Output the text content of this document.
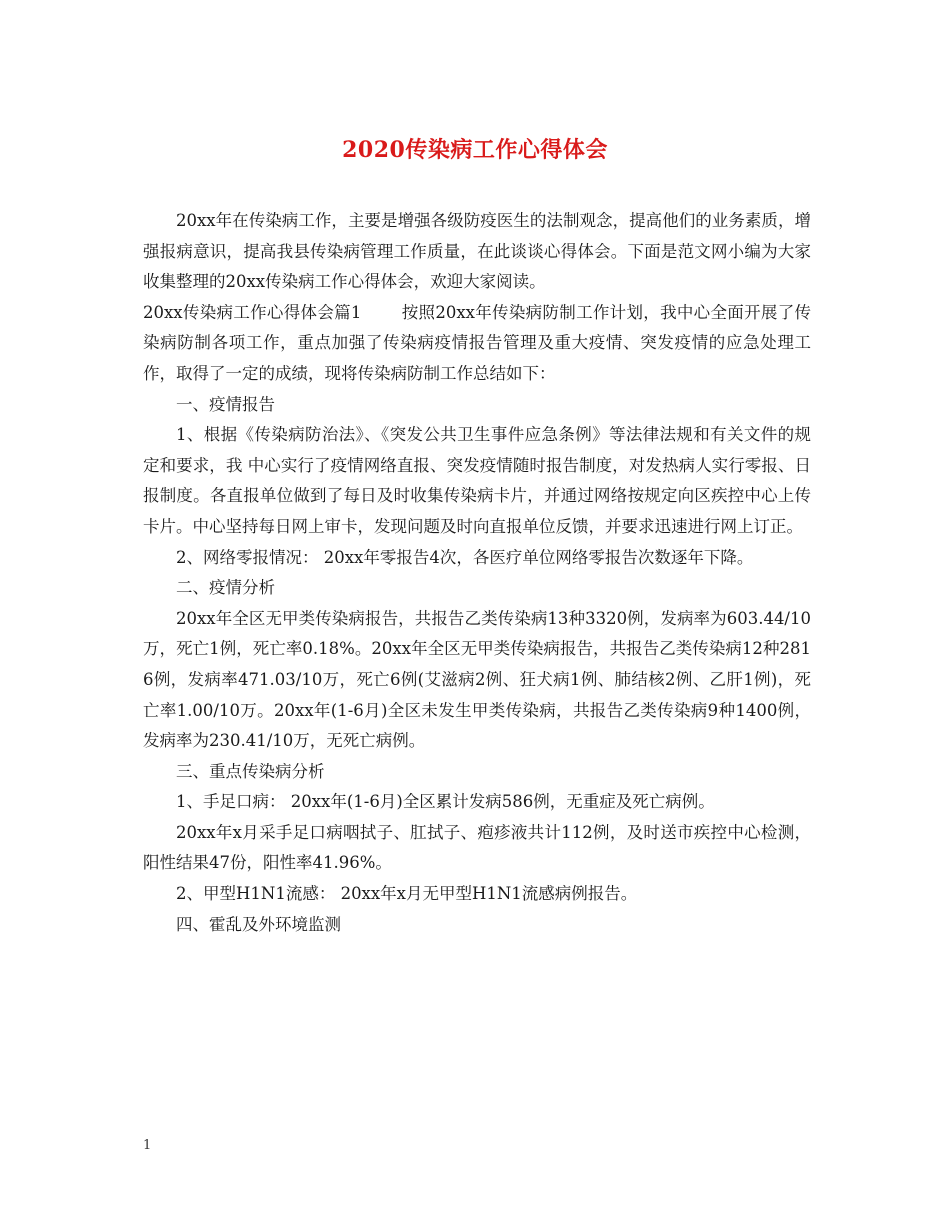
2020传染病工作心得体会

20xx年在传染病工作，主要是增强各级防疫医生的法制观念，提高他们的业务素质，增强报病意识，提高我县传染病管理工作质量，在此谈谈心得体会。下面是范文网小编为大家收集整理的20xx传染病工作心得体会，欢迎大家阅读。

20xx传染病工作心得体会篇1 按照20xx年传染病防制工作计划，我中心全面开展了传染病防制各项工作，重点加强了传染病疫情报告管理及重大疫情、突发疫情的应急处理工作，取得了一定的成绩，现将传染病防制工作总结如下：

一、疫情报告

1、根据《传染病防治法》、《突发公共卫生事件应急条例》等法律法规和有关文件的规定和要求，我 中心实行了疫情网络直报、突发疫情随时报告制度，对发热病人实行零报、日报制度。各直报单位做到了每日及时收集传染病卡片，并通过网络按规定向区疾控中心上传卡片。中心坚持每日网上审卡，发现问题及时向直报单位反馈，并要求迅速进行网上订正。

2、网络零报情况： 20xx年零报告4次，各医疗单位网络零报告次数逐年下降。

二、疫情分析

20xx年全区无甲类传染病报告，共报告乙类传染病13种3320例，发病率为603.44/10万，死亡1例，死亡率0.18%。20xx年全区无甲类传染病报告，共报告乙类传染病12种2816例，发病率471.03/10万，死亡6例(艾滋病2例、狂犬病1例、肺结核2例、乙肝1例)，死亡率1.00/10万。20xx年(1-6月)全区未发生甲类传染病，共报告乙类传染病9种1400例，发病率为230.41/10万，无死亡病例。

三、重点传染病分析

1、手足口病： 20xx年(1-6月)全区累计发病586例，无重症及死亡病例。

20xx年x月采手足口病咽拭子、肛拭子、疱疹液共计112例，及时送市疾控中心检测，阳性结果47份，阳性率41.96%。

2、甲型H1N1流感： 20xx年x月无甲型H1N1流感病例报告。

四、霍乱及外环境监测

1
